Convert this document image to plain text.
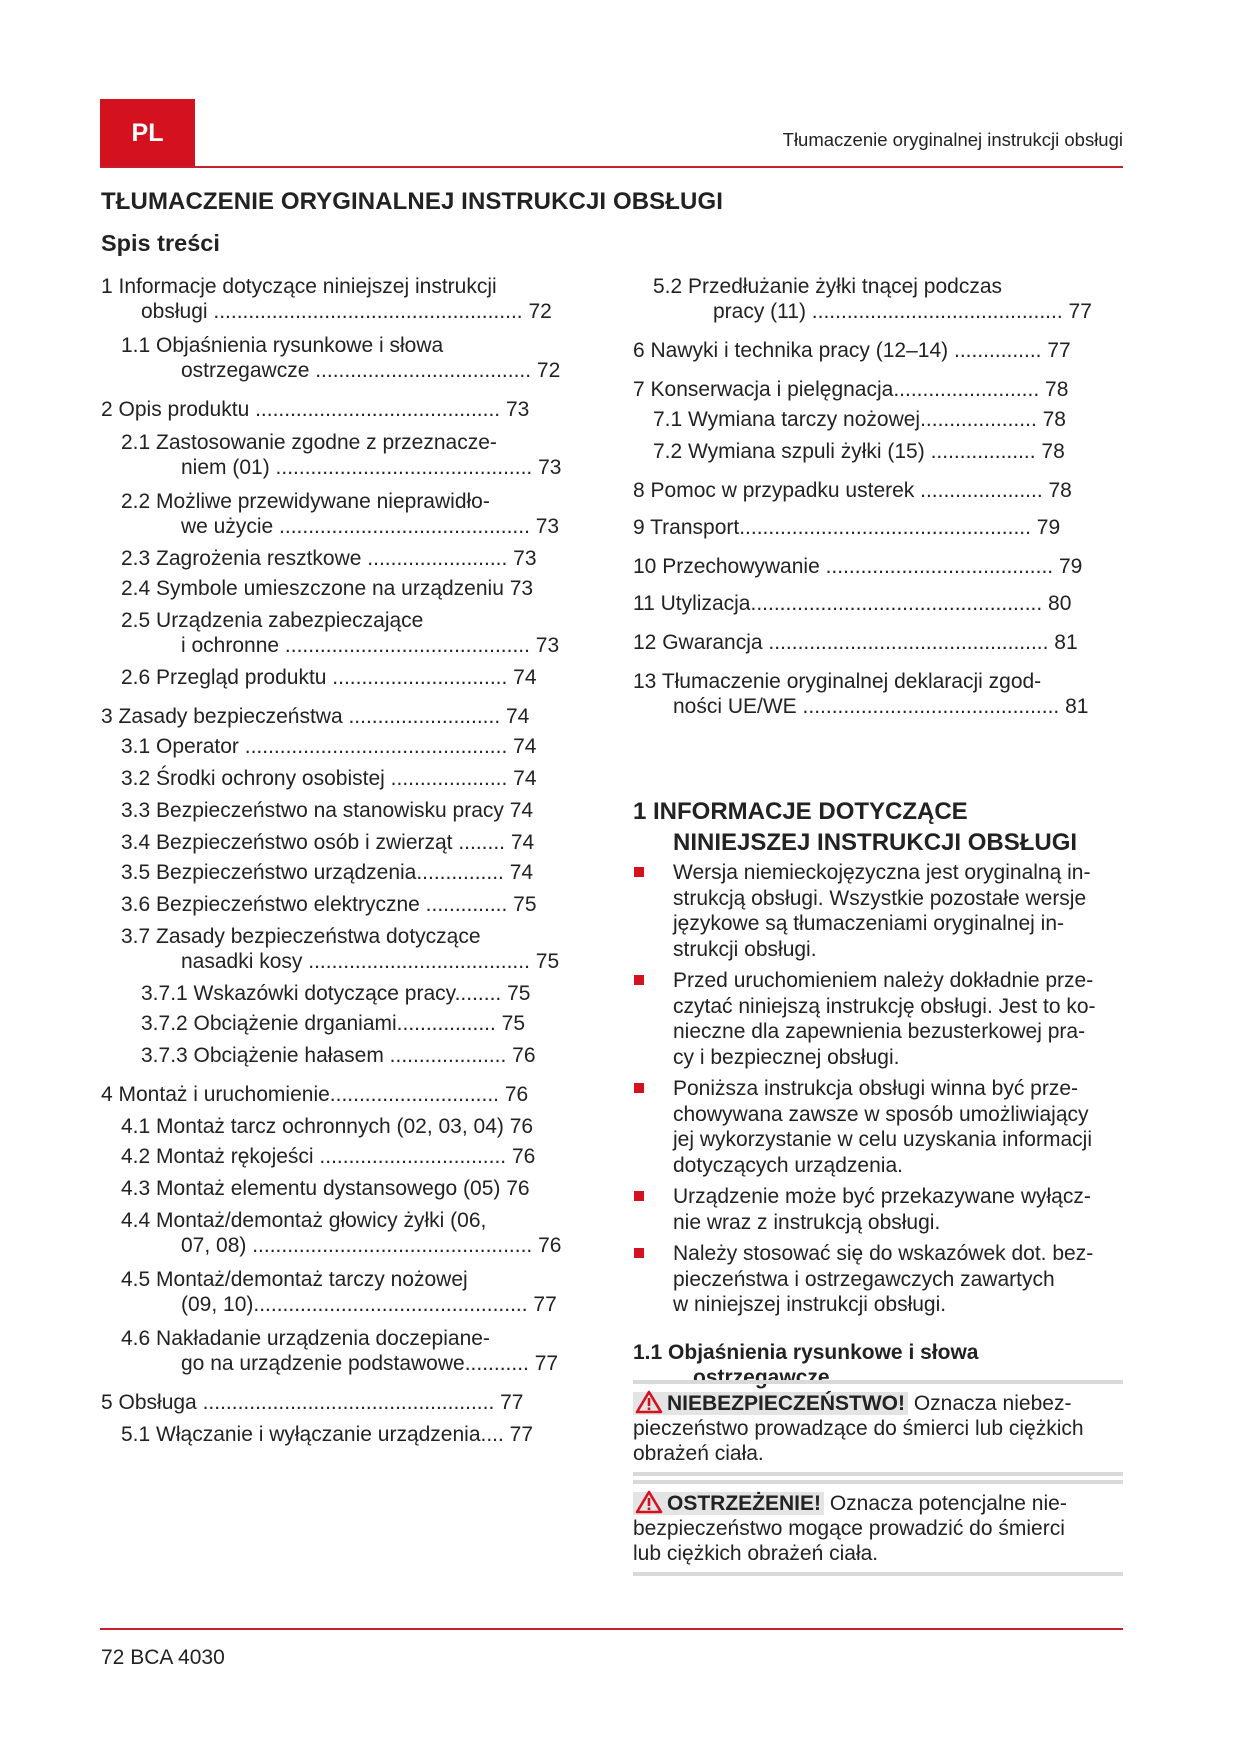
PL	Tłumaczenie oryginalnej instrukcji obsługi
TŁUMACZENIE ORYGINALNEJ INSTRUKCJI OBSŁUGI
Spis treści
1 Informacje dotyczące niniejszej instrukcji
obsługi ..................................................... 72
1.1 Objaśnienia rysunkowe i słowa
ostrzegawcze ..................................... 72
2 Opis produktu .......................................... 73
2.1 Zastosowanie zgodne z przeznacze-
niem (01) ............................................ 73
2.2 Możliwe przewidywane nieprawidło-
we użycie ........................................... 73
2.3 Zagrożenia resztkowe ........................ 73
2.4 Symbole umieszczone na urządzeniu 73
2.5 Urządzenia zabezpieczające
i ochronne .......................................... 73
2.6 Przegląd produktu .............................. 74
3 Zasady bezpieczeństwa .......................... 74
3.1 Operator ............................................. 74
3.2 Środki ochrony osobistej .................... 74
3.3 Bezpieczeństwo na stanowisku pracy 74
3.4 Bezpieczeństwo osób i zwierząt ........ 74
3.5 Bezpieczeństwo urządzenia............... 74
3.6 Bezpieczeństwo elektryczne .............. 75
3.7 Zasady bezpieczeństwa dotyczące
nasadki kosy ...................................... 75
3.7.1 Wskazówki dotyczące pracy........ 75
3.7.2 Obciążenie drganiami................. 75
3.7.3 Obciążenie hałasem .................... 76
4 Montaż i uruchomienie............................. 76
4.1 Montaż tarcz ochronnych (02, 03, 04) 76
4.2 Montaż rękojeści ................................ 76
4.3 Montaż elementu dystansowego (05) 76
4.4 Montaż/demontaż głowicy żyłki (06,
07, 08) ................................................ 76
4.5 Montaż/demontaż tarczy nożowej
(09, 10)............................................... 77
4.6 Nakładanie urządzenia doczepiane-
go na urządzenie podstawowe........... 77
5 Obsługa .................................................. 77
5.1 Włączanie i wyłączanie urządzenia.... 77
5.2 Przedłużanie żyłki tnącej podczas
pracy (11) ........................................... 77
6 Nawyki i technika pracy (12–14) ............... 77
7 Konserwacja i pielęgnacja......................... 78
7.1 Wymiana tarczy nożowej.................... 78
7.2 Wymiana szpuli żyłki (15) .................. 78
8 Pomoc w przypadku usterek ..................... 78
9 Transport.................................................. 79
10 Przechowywanie ....................................... 79
11 Utylizacja.................................................. 80
12 Gwarancja ................................................ 81
13 Tłumaczenie oryginalnej deklaracji zgod-
ności UE/WE ............................................ 81
1 INFORMACJE DOTYCZĄCE
NINIEJSZEJ INSTRUKCJI OBSŁUGI
Wersja niemieckojęzyczna jest oryginalną in-
strukcją obsługi. Wszystkie pozostałe wersje
językowe są tłumaczeniami oryginalnej in-
strukcji obsługi.
Przed uruchomieniem należy dokładnie prze-
czytać niniejszą instrukcję obsługi. Jest to ko-
nieczne dla zapewnienia bezusterkowej pra-
cy i bezpiecznej obsługi.
Poniższa instrukcja obsługi winna być prze-
chowywana zawsze w sposób umożliwiający
jej wykorzystanie w celu uzyskania informacji
dotyczących urządzenia.
Urządzenie może być przekazywane wyłącz-
nie wraz z instrukcją obsługi.
Należy stosować się do wskazówek dot. bez-
pieczeństwa i ostrzegawczych zawartych
w niniejszej instrukcji obsługi.
1.1 Objaśnienia rysunkowe i słowa
ostrzegawcze
NIEBEZPIECZEŃSTWO! Oznacza niebez-
pieczeństwo prowadzące do śmierci lub ciężkich
obrażeń ciała.
OSTRZEŻENIE! Oznacza potencjalne nie-
bezpieczeństwo mogące prowadzić do śmierci
lub ciężkich obrażeń ciała.
72 BCA 4030
